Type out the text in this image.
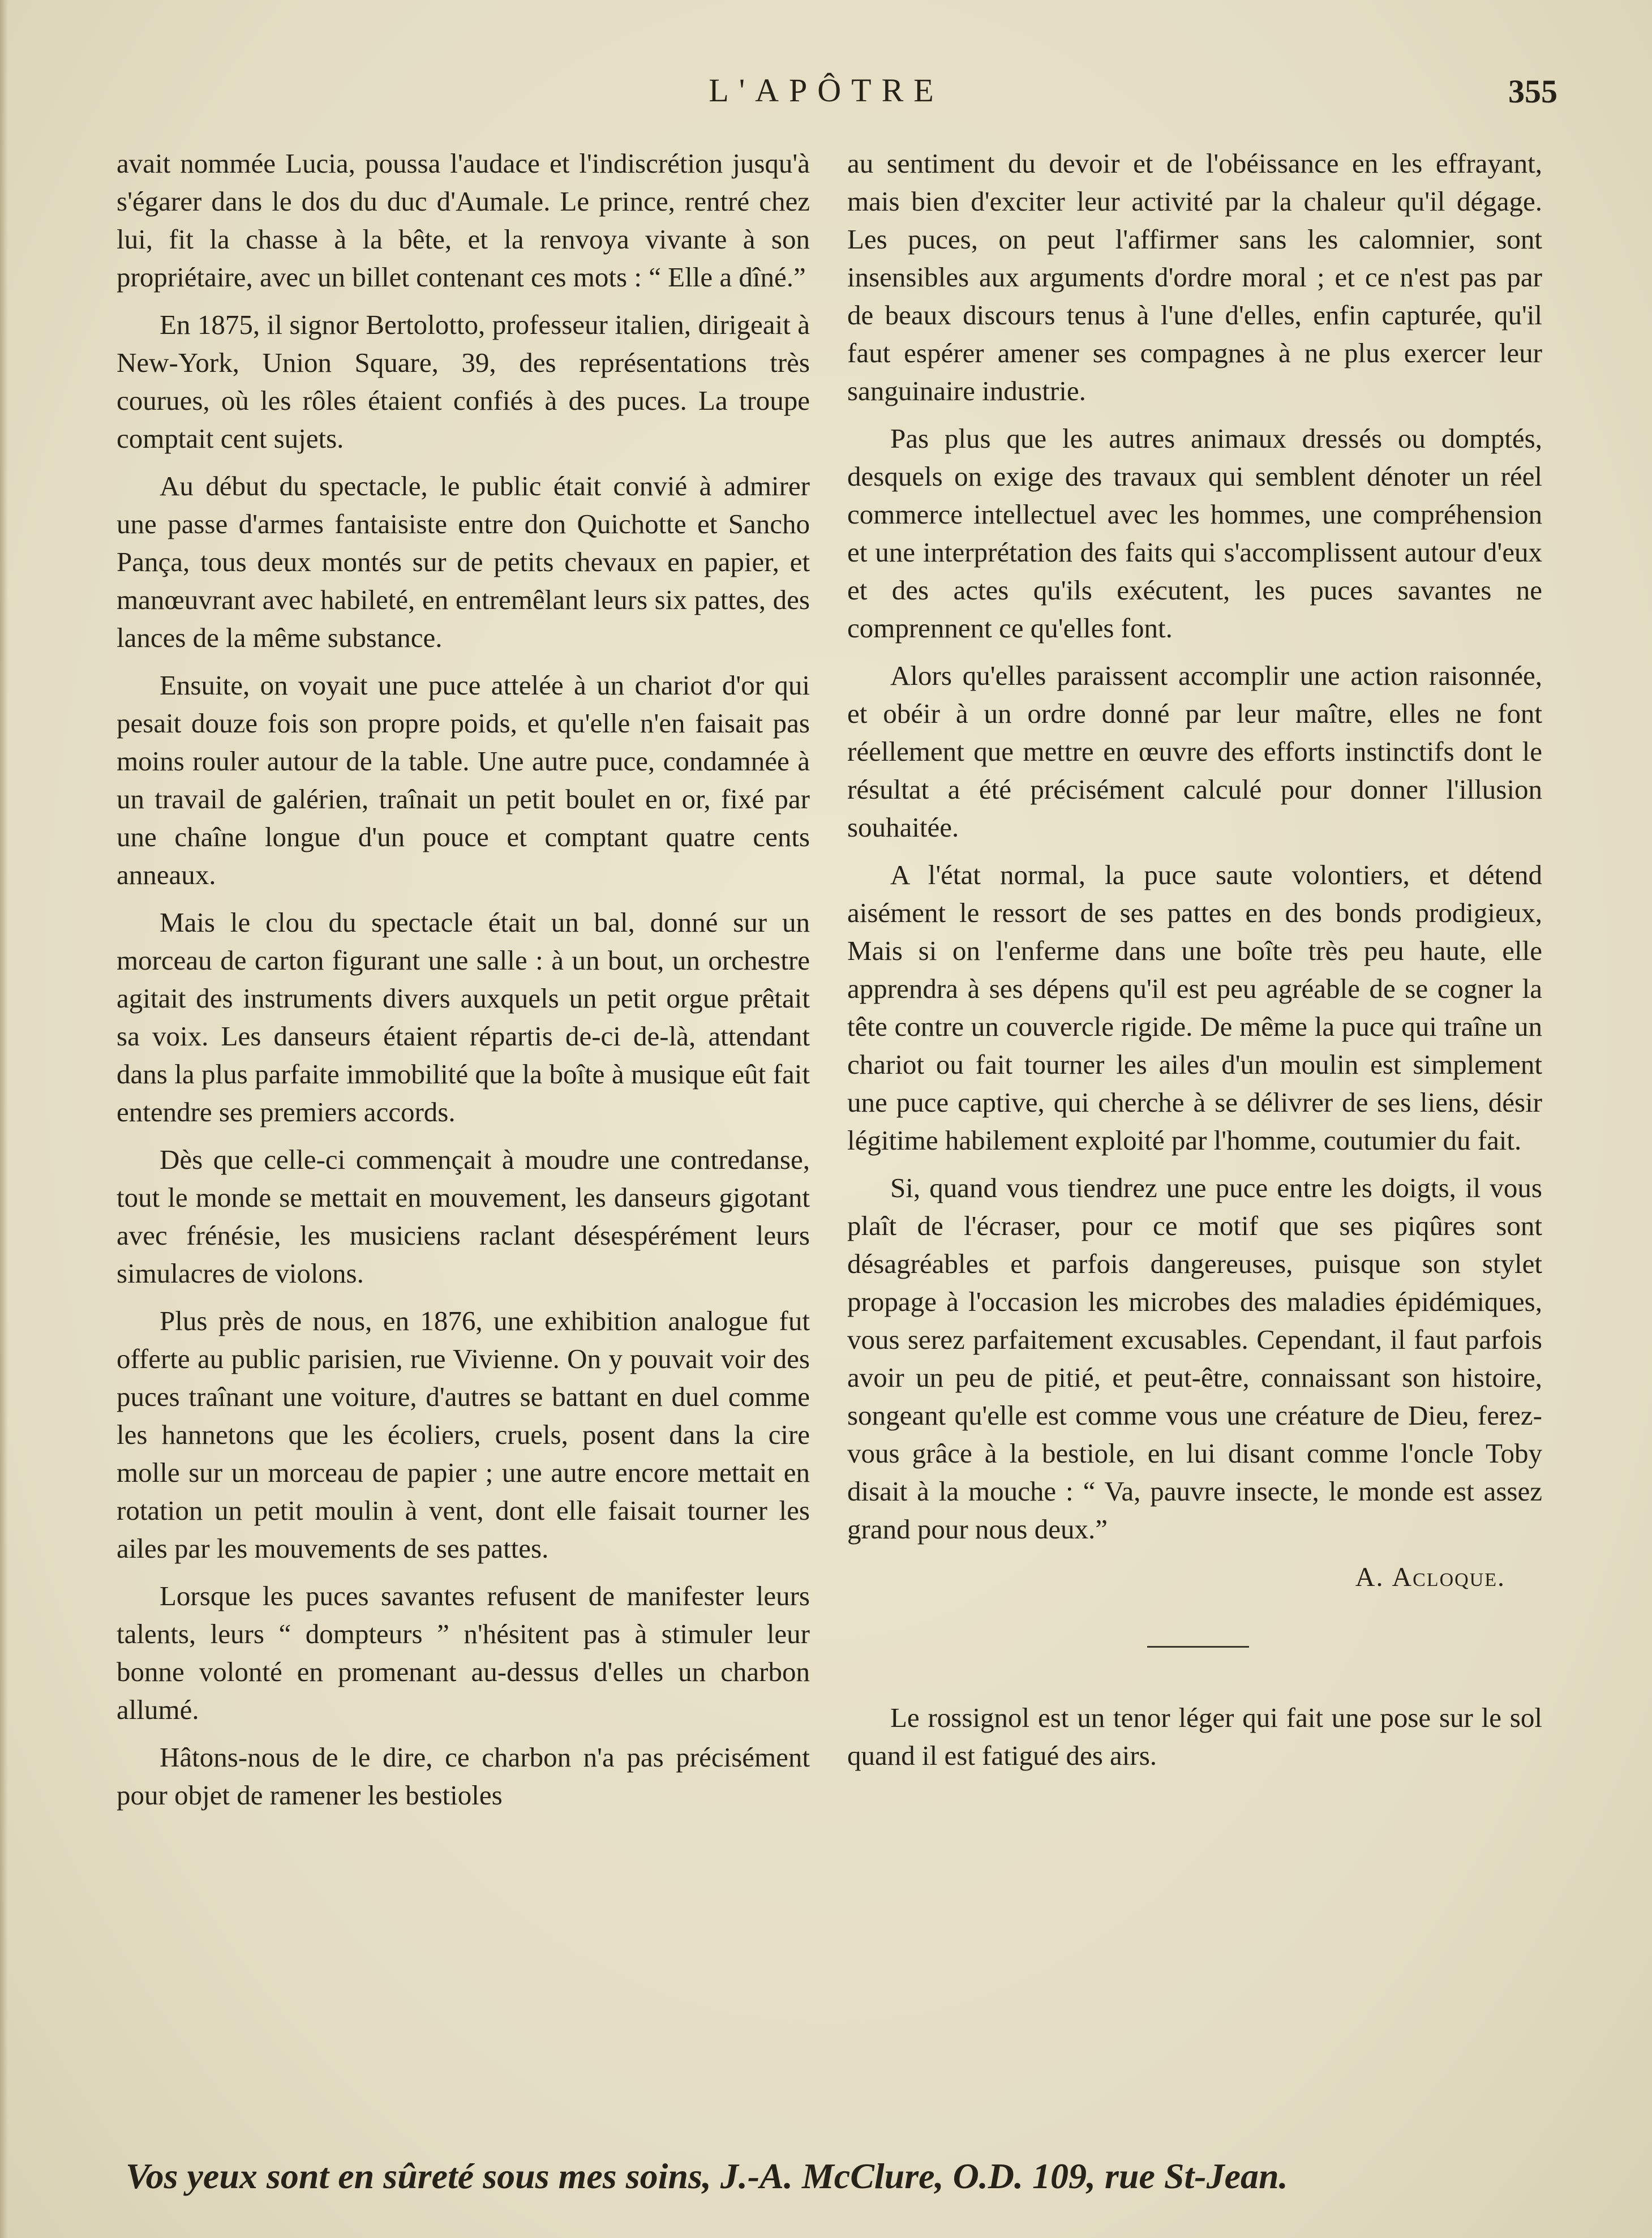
L'APÔTRE	355

avait nommée Lucia, poussa l'audace et l'indiscrétion jusqu'à s'égarer dans le dos du duc d'Aumale. Le prince, rentré chez lui, fit la chasse à la bête, et la renvoya vivante à son propriétaire, avec un billet contenant ces mots : “ Elle a dîné.”

En 1875, il signor Bertolotto, professeur italien, dirigeait à New-York, Union Square, 39, des représentations très courues, où les rôles étaient confiés à des puces. La troupe comptait cent sujets.

Au début du spectacle, le public était convié à admirer une passe d'armes fantaisiste entre don Quichotte et Sancho Pança, tous deux montés sur de petits chevaux en papier, et manœuvrant avec habileté, en entremêlant leurs six pattes, des lances de la même substance.

Ensuite, on voyait une puce attelée à un chariot d'or qui pesait douze fois son propre poids, et qu'elle n'en faisait pas moins rouler autour de la table. Une autre puce, condamnée à un travail de galérien, traînait un petit boulet en or, fixé par une chaîne longue d'un pouce et comptant quatre cents anneaux.

Mais le clou du spectacle était un bal, donné sur un morceau de carton figurant une salle : à un bout, un orchestre agitait des instruments divers auxquels un petit orgue prêtait sa voix. Les danseurs étaient répartis de-ci de-là, attendant dans la plus parfaite immobilité que la boîte à musique eût fait entendre ses premiers accords.

Dès que celle-ci commençait à moudre une contredanse, tout le monde se mettait en mouvement, les danseurs gigotant avec frénésie, les musiciens raclant désespérément leurs simulacres de violons.

Plus près de nous, en 1876, une exhibition analogue fut offerte au public parisien, rue Vivienne. On y pouvait voir des puces traînant une voiture, d'autres se battant en duel comme les hannetons que les écoliers, cruels, posent dans la cire molle sur un morceau de papier ; une autre encore mettait en rotation un petit moulin à vent, dont elle faisait tourner les ailes par les mouvements de ses pattes.

Lorsque les puces savantes refusent de manifester leurs talents, leurs “ dompteurs ” n'hésitent pas à stimuler leur bonne volonté en promenant au-dessus d'elles un charbon allumé.

Hâtons-nous de le dire, ce charbon n'a pas précisément pour objet de ramener les bestioles

au sentiment du devoir et de l'obéissance en les effrayant, mais bien d'exciter leur activité par la chaleur qu'il dégage. Les puces, on peut l'affirmer sans les calomnier, sont insensibles aux arguments d'ordre moral ; et ce n'est pas par de beaux discours tenus à l'une d'elles, enfin capturée, qu'il faut espérer amener ses compagnes à ne plus exercer leur sanguinaire industrie.

Pas plus que les autres animaux dressés ou domptés, desquels on exige des travaux qui semblent dénoter un réel commerce intellectuel avec les hommes, une compréhension et une interprétation des faits qui s'accomplissent autour d'eux et des actes qu'ils exécutent, les puces savantes ne comprennent ce qu'elles font.

Alors qu'elles paraissent accomplir une action raisonnée, et obéir à un ordre donné par leur maître, elles ne font réellement que mettre en œuvre des efforts instinctifs dont le résultat a été précisément calculé pour donner l'illusion souhaitée.

A l'état normal, la puce saute volontiers, et détend aisément le ressort de ses pattes en des bonds prodigieux, Mais si on l'enferme dans une boîte très peu haute, elle apprendra à ses dépens qu'il est peu agréable de se cogner la tête contre un couvercle rigide. De même la puce qui traîne un chariot ou fait tourner les ailes d'un moulin est simplement une puce captive, qui cherche à se délivrer de ses liens, désir légitime habilement exploité par l'homme, coutumier du fait.

Si, quand vous tiendrez une puce entre les doigts, il vous plaît de l'écraser, pour ce motif que ses piqûres sont désagréables et parfois dangereuses, puisque son stylet propage à l'occasion les microbes des maladies épidémiques, vous serez parfaitement excusables. Cependant, il faut parfois avoir un peu de pitié, et peut-être, connaissant son histoire, songeant qu'elle est comme vous une créature de Dieu, ferez-vous grâce à la bestiole, en lui disant comme l'oncle Toby disait à la mouche : “ Va, pauvre insecte, le monde est assez grand pour nous deux.”

A. Acloque.

Le rossignol est un tenor léger qui fait une pose sur le sol quand il est fatigué des airs.

Vos yeux sont en sûreté sous mes soins, J.-A. McClure, O.D. 109, rue St-Jean.
